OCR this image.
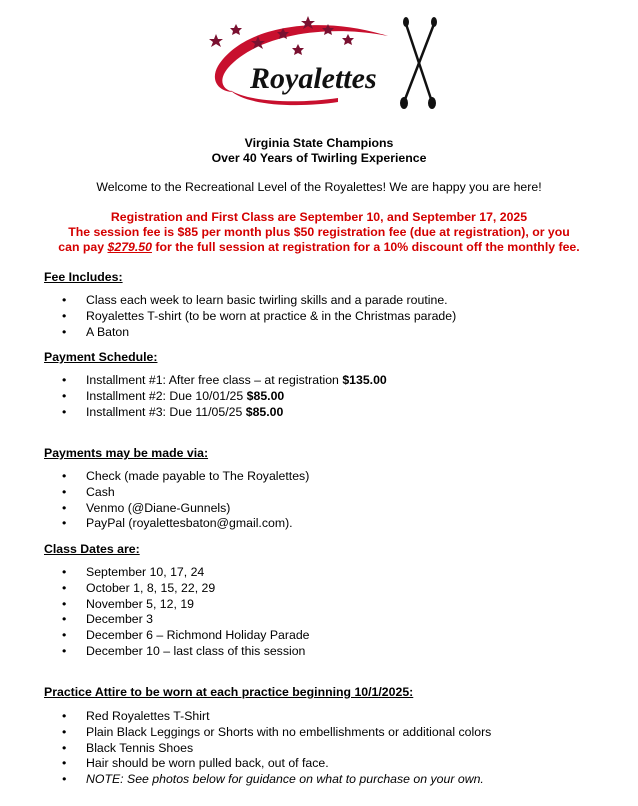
Royalettes
Virginia State Champions
Over 40 Years of Twirling Experience
Welcome to the Recreational Level of the Royalettes! We are happy you are here!
Registration and First Class are September 10, and September 17, 2025
The session fee is $85 per month plus $50 registration fee (due at registration), or you
can pay $279.50 for the full session at registration for a 10% discount off the monthly fee.
Fee Includes:
• Class each week to learn basic twirling skills and a parade routine.
• Royalettes T-shirt (to be worn at practice & in the Christmas parade)
• A Baton
Payment Schedule:
• Installment #1: After free class – at registration $135.00
• Installment #2: Due 10/01/25 $85.00
• Installment #3: Due 11/05/25 $85.00
Payments may be made via:
• Check (made payable to The Royalettes)
• Cash
• Venmo (@Diane-Gunnels)
• PayPal (royalettesbaton@gmail.com).
Class Dates are:
• September 10, 17, 24
• October 1, 8, 15, 22, 29
• November 5, 12, 19
• December 3
• December 6 – Richmond Holiday Parade
• December 10 – last class of this session
Practice Attire to be worn at each practice beginning 10/1/2025:
• Red Royalettes T-Shirt
• Plain Black Leggings or Shorts with no embellishments or additional colors
• Black Tennis Shoes
• Hair should be worn pulled back, out of face.
• NOTE: See photos below for guidance on what to purchase on your own.
